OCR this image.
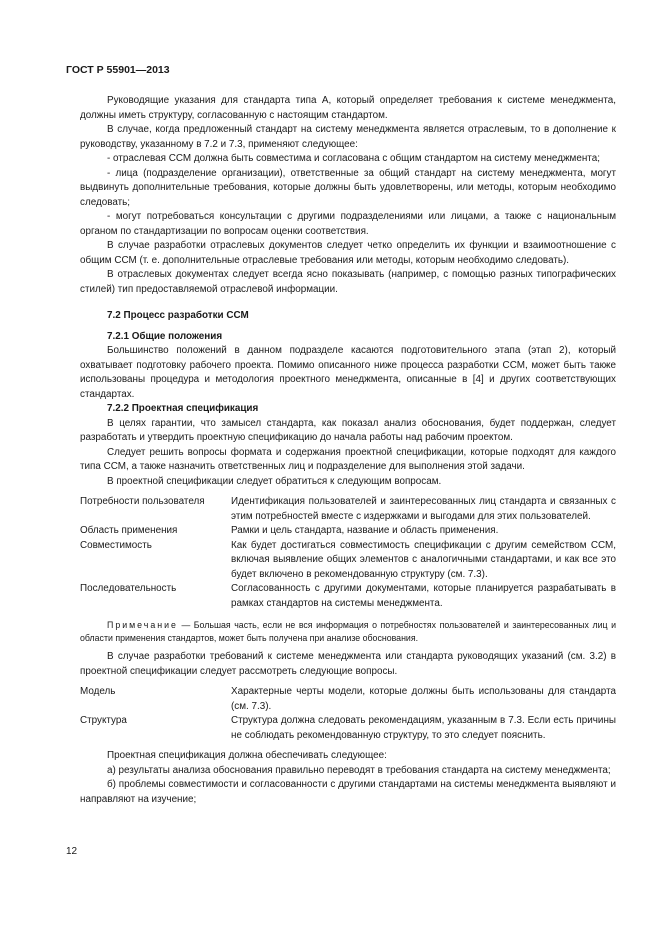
ГОСТ Р 55901—2013

Руководящие указания для стандарта типа А, который определяет требования к системе менеджмента, должны иметь структуру, согласованную с настоящим стандартом.

В случае, когда предложенный стандарт на систему менеджмента является отраслевым, то в дополнение к руководству, указанному в 7.2 и 7.3, применяют следующее:

- отраслевая ССМ должна быть совместима и согласована с общим стандартом на систему менеджмента;

- лица (подразделение организации), ответственные за общий стандарт на систему менеджмента, могут выдвинуть дополнительные требования, которые должны быть удовлетворены, или методы, которым необходимо следовать;

- могут потребоваться консультации с другими подразделениями или лицами, а также с национальным органом по стандартизации по вопросам оценки соответствия.

В случае разработки отраслевых документов следует четко определить их функции и взаимоотношение с общим ССМ (т. е. дополнительные отраслевые требования или методы, которым необходимо следовать).

В отраслевых документах следует всегда ясно показывать (например, с помощью разных типографических стилей) тип предоставляемой отраслевой информации.

7.2 Процесс разработки ССМ

7.2.1 Общие положения

Большинство положений в данном подразделе касаются подготовительного этапа (этап 2), который охватывает подготовку рабочего проекта. Помимо описанного ниже процесса разработки ССМ, может быть также использованы процедура и методология проектного менеджмента, описанные в [4] и других соответствующих стандартах.

7.2.2 Проектная спецификация

В целях гарантии, что замысел стандарта, как показал анализ обоснования, будет поддержан, следует разработать и утвердить проектную спецификацию до начала работы над рабочим проектом.

Следует решить вопросы формата и содержания проектной спецификации, которые подходят для каждого типа ССМ, а также назначить ответственных лиц и подразделение для выполнения этой задачи.

В проектной спецификации следует обратиться к следующим вопросам.

Потребности пользователя	Идентификация пользователей и заинтересованных лиц стандарта и связанных с этим потребностей вместе с издержками и выгодами для этих пользователей.
Область применения	Рамки и цель стандарта, название и область применения.
Совместимость	Как будет достигаться совместимость спецификации с другим семейством ССМ, включая выявление общих элементов с аналогичными стандартами, и как все это будет включено в рекомендованную структуру (см. 7.3).
Последовательность	Согласованность с другими документами, которые планируется разрабатывать в рамках стандартов на системы менеджмента.

Примечание — Большая часть, если не вся информация о потребностях пользователей и заинтересованных лиц и области применения стандартов, может быть получена при анализе обоснования.

В случае разработки требований к системе менеджмента или стандарта руководящих указаний (см. 3.2) в проектной спецификации следует рассмотреть следующие вопросы.

Модель	Характерные черты модели, которые должны быть использованы для стандарта (см. 7.3).
Структура	Структура должна следовать рекомендациям, указанным в 7.3. Если есть причины не соблюдать рекомендованную структуру, то это следует пояснить.

Проектная спецификация должна обеспечивать следующее:

а) результаты анализа обоснования правильно переводят в требования стандарта на систему менеджмента;

б) проблемы совместимости и согласованности с другими стандартами на системы менеджмента выявляют и направляют на изучение;

12
